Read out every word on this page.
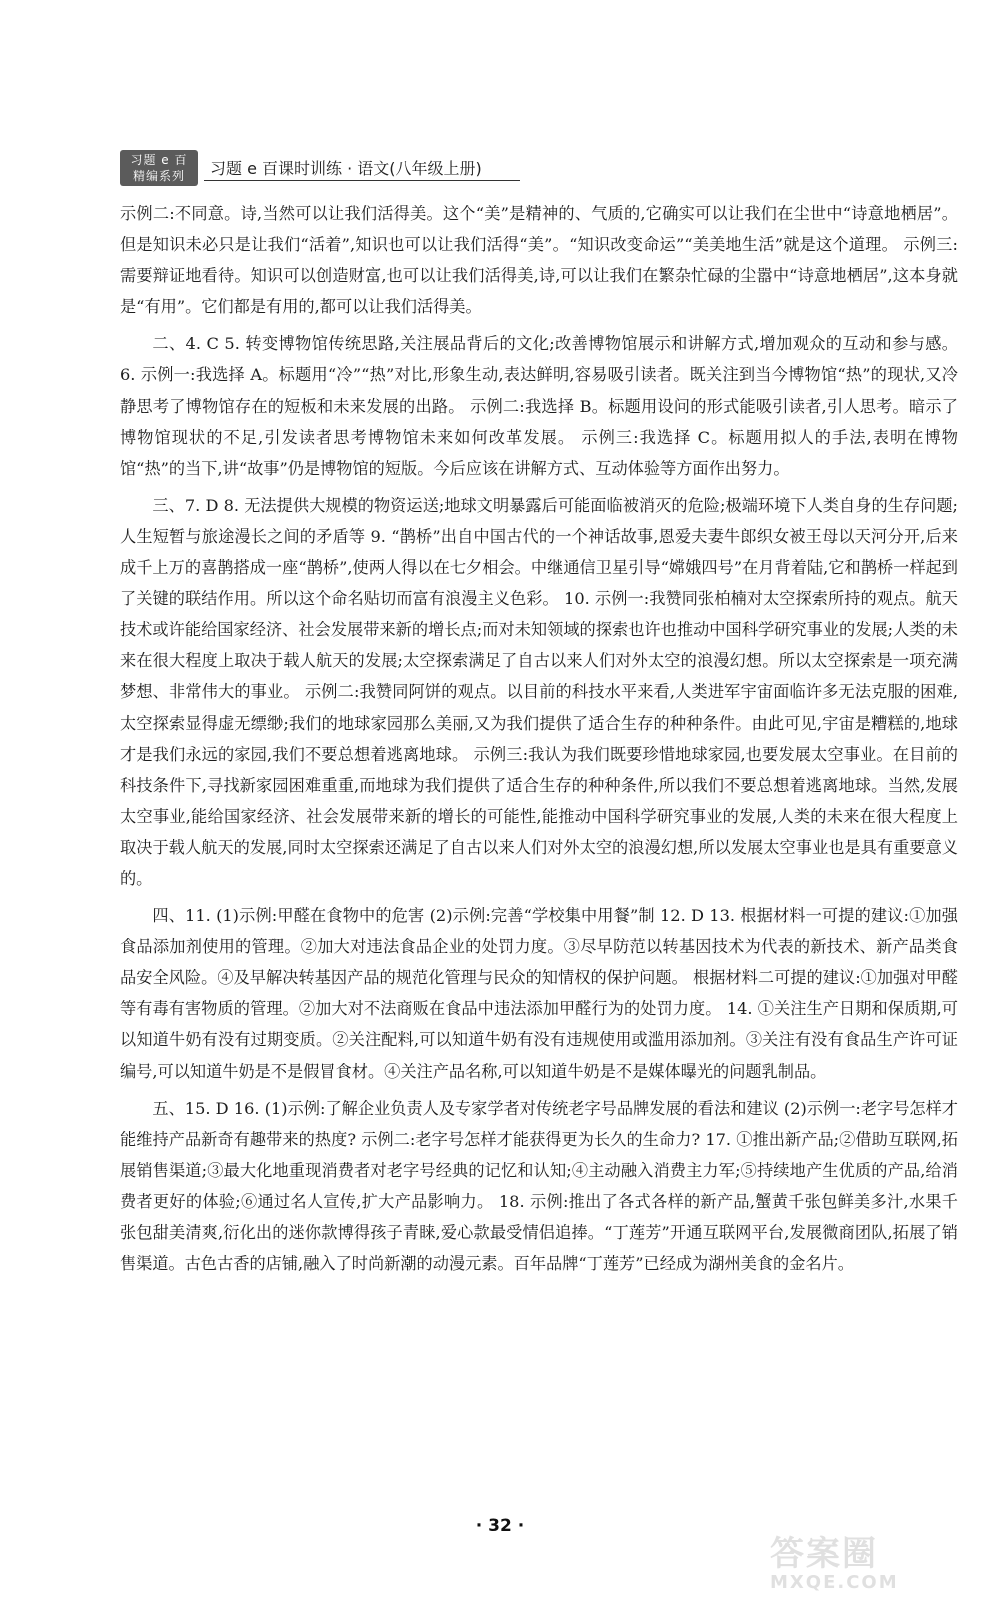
习题 e 百
精编系列	习题 e 百课时训练 · 语文(八年级上册)

示例二:不同意。诗,当然可以让我们活得美。这个“美”是精神的、气质的,它确实可以让我们在尘世中“诗意地栖居”。但是知识未必只是让我们“活着”,知识也可以让我们活得“美”。“知识改变命运”“美美地生活”就是这个道理。 示例三:需要辩证地看待。知识可以创造财富,也可以让我们活得美,诗,可以让我们在繁杂忙碌的尘嚣中“诗意地栖居”,这本身就是“有用”。它们都是有用的,都可以让我们活得美。

二、4. C 5. 转变博物馆传统思路,关注展品背后的文化;改善博物馆展示和讲解方式,增加观众的互动和参与感。 6. 示例一:我选择 A。标题用“冷”“热”对比,形象生动,表达鲜明,容易吸引读者。既关注到当今博物馆“热”的现状,又冷静思考了博物馆存在的短板和未来发展的出路。 示例二:我选择 B。标题用设问的形式能吸引读者,引人思考。暗示了博物馆现状的不足,引发读者思考博物馆未来如何改革发展。 示例三:我选择 C。标题用拟人的手法,表明在博物馆“热”的当下,讲“故事”仍是博物馆的短版。今后应该在讲解方式、互动体验等方面作出努力。

三、7. D 8. 无法提供大规模的物资运送;地球文明暴露后可能面临被消灭的危险;极端环境下人类自身的生存问题;人生短暂与旅途漫长之间的矛盾等 9. “鹊桥”出自中国古代的一个神话故事,恩爱夫妻牛郎织女被王母以天河分开,后来成千上万的喜鹊搭成一座“鹊桥”,使两人得以在七夕相会。中继通信卫星引导“嫦娥四号”在月背着陆,它和鹊桥一样起到了关键的联结作用。所以这个命名贴切而富有浪漫主义色彩。 10. 示例一:我赞同张柏楠对太空探索所持的观点。航天技术或许能给国家经济、社会发展带来新的增长点;而对未知领域的探索也许也推动中国科学研究事业的发展;人类的未来在很大程度上取决于载人航天的发展;太空探索满足了自古以来人们对外太空的浪漫幻想。所以太空探索是一项充满梦想、非常伟大的事业。 示例二:我赞同阿饼的观点。以目前的科技水平来看,人类进军宇宙面临许多无法克服的困难,太空探索显得虚无缥缈;我们的地球家园那么美丽,又为我们提供了适合生存的种种条件。由此可见,宇宙是糟糕的,地球才是我们永远的家园,我们不要总想着逃离地球。 示例三:我认为我们既要珍惜地球家园,也要发展太空事业。在目前的科技条件下,寻找新家园困难重重,而地球为我们提供了适合生存的种种条件,所以我们不要总想着逃离地球。当然,发展太空事业,能给国家经济、社会发展带来新的增长的可能性,能推动中国科学研究事业的发展,人类的未来在很大程度上取决于载人航天的发展,同时太空探索还满足了自古以来人们对外太空的浪漫幻想,所以发展太空事业也是具有重要意义的。

四、11. (1)示例:甲醛在食物中的危害 (2)示例:完善“学校集中用餐”制 12. D 13. 根据材料一可提的建议:①加强食品添加剂使用的管理。②加大对违法食品企业的处罚力度。③尽早防范以转基因技术为代表的新技术、新产品类食品安全风险。④及早解决转基因产品的规范化管理与民众的知情权的保护问题。 根据材料二可提的建议:①加强对甲醛等有毒有害物质的管理。②加大对不法商贩在食品中违法添加甲醛行为的处罚力度。 14. ①关注生产日期和保质期,可以知道牛奶有没有过期变质。②关注配料,可以知道牛奶有没有违规使用或滥用添加剂。③关注有没有食品生产许可证编号,可以知道牛奶是不是假冒食材。④关注产品名称,可以知道牛奶是不是媒体曝光的问题乳制品。

五、15. D 16. (1)示例:了解企业负责人及专家学者对传统老字号品牌发展的看法和建议 (2)示例一:老字号怎样才能维持产品新奇有趣带来的热度? 示例二:老字号怎样才能获得更为长久的生命力? 17. ①推出新产品;②借助互联网,拓展销售渠道;③最大化地重现消费者对老字号经典的记忆和认知;④主动融入消费主力军;⑤持续地产生优质的产品,给消费者更好的体验;⑥通过名人宣传,扩大产品影响力。 18. 示例:推出了各式各样的新产品,蟹黄千张包鲜美多汁,水果千张包甜美清爽,衍化出的迷你款博得孩子青睐,爱心款最受情侣追捧。“丁莲芳”开通互联网平台,发展微商团队,拓展了销售渠道。古色古香的店铺,融入了时尚新潮的动漫元素。百年品牌“丁莲芳”已经成为湖州美食的金名片。

· 32 ·
答案圈
MXQE.COM
